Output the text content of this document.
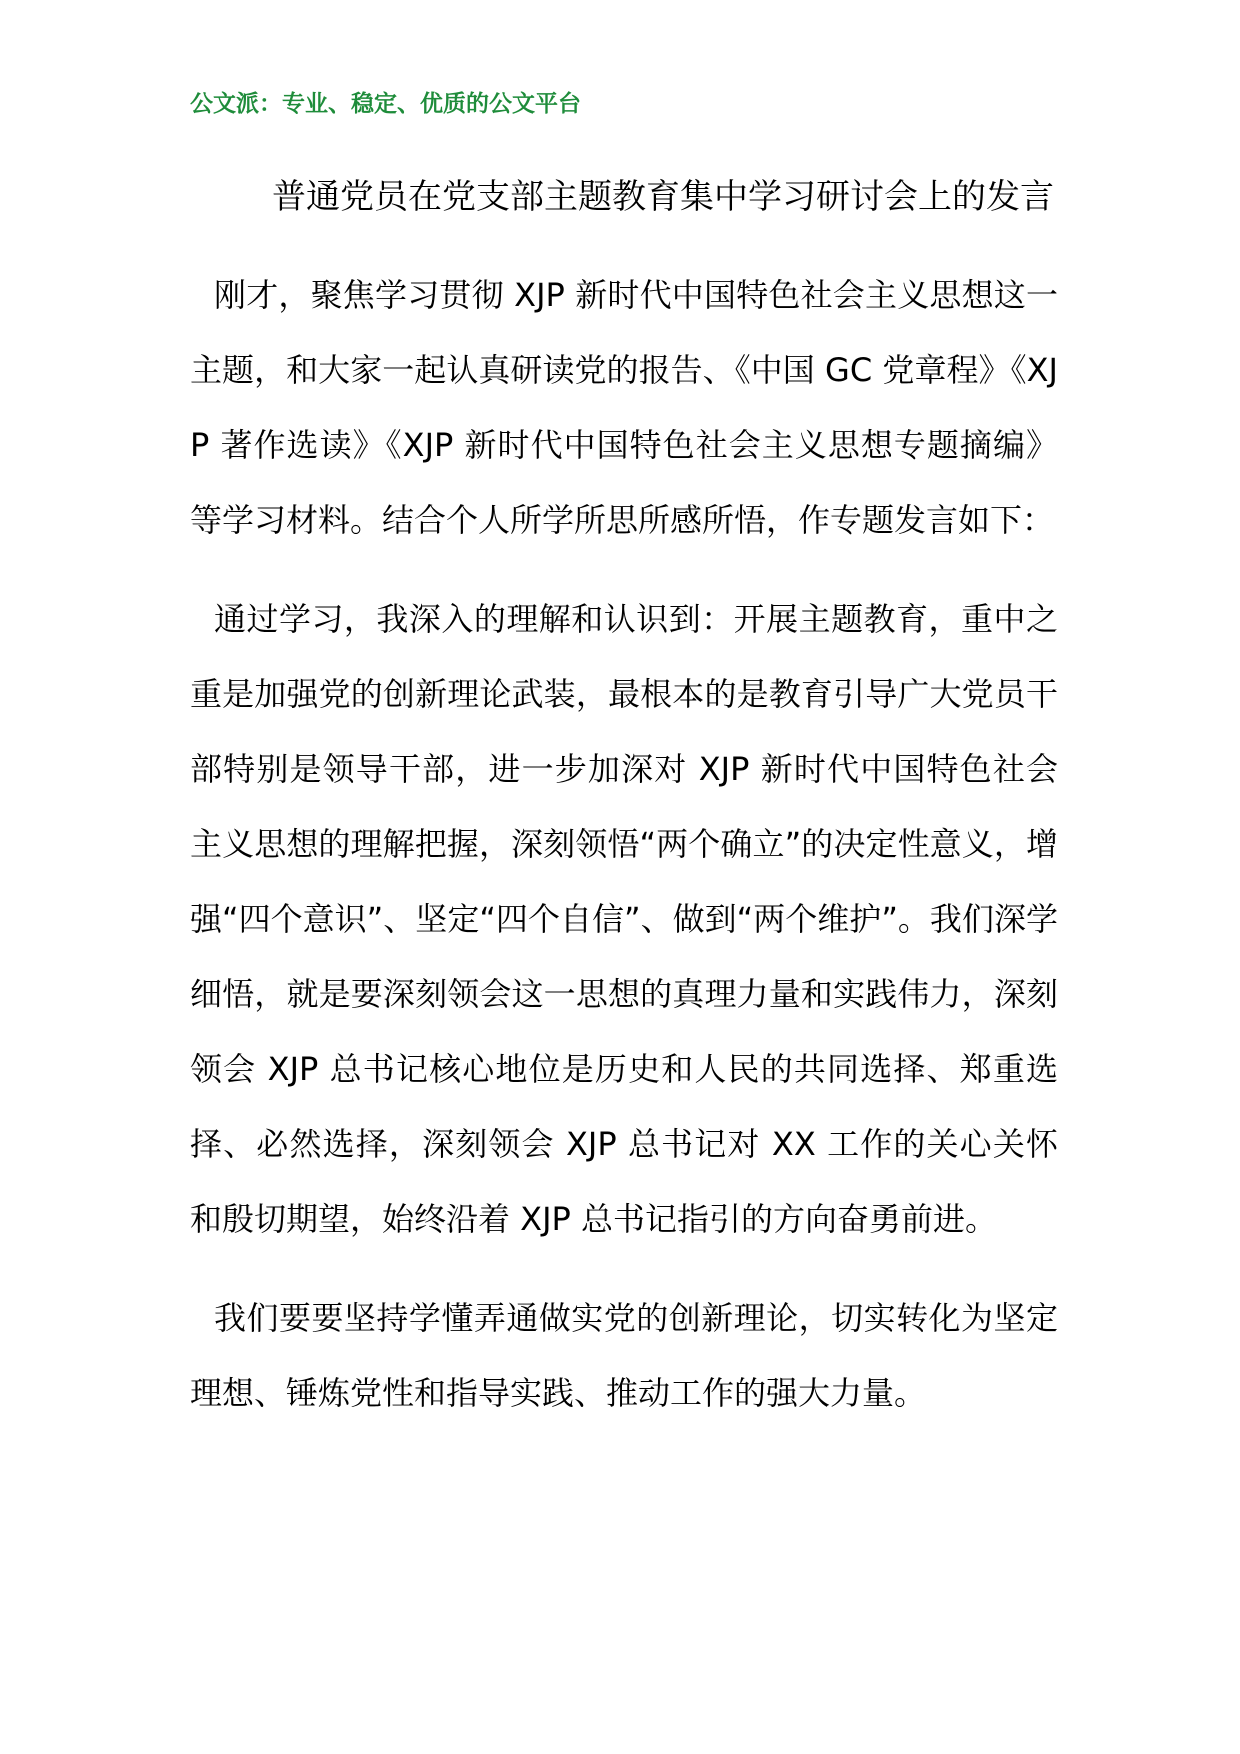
公文派：专业、稳定、优质的公文平台
普通党员在党支部主题教育集中学习研讨会上的发言

刚才，聚焦学习贯彻 XJP 新时代中国特色社会主义思想这一主题，和大家一起认真研读党的报告、《中国 GC 党章程》《XJP 著作选读》《XJP 新时代中国特色社会主义思想专题摘编》等学习材料。结合个人所学所思所感所悟，作专题发言如下：

通过学习，我深入的理解和认识到：开展主题教育，重中之重是加强党的创新理论武装，最根本的是教育引导广大党员干部特别是领导干部，进一步加深对 XJP 新时代中国特色社会主义思想的理解把握，深刻领悟“两个确立”的决定性意义，增强“四个意识”、坚定“四个自信”、做到“两个维护”。我们深学细悟，就是要深刻领会这一思想的真理力量和实践伟力，深刻领会 XJP 总书记核心地位是历史和人民的共同选择、郑重选择、必然选择，深刻领会 XJP 总书记对 XX 工作的关心关怀和殷切期望，始终沿着 XJP 总书记指引的方向奋勇前进。

我们要要坚持学懂弄通做实党的创新理论，切实转化为坚定理想、锤炼党性和指导实践、推动工作的强大力量。
